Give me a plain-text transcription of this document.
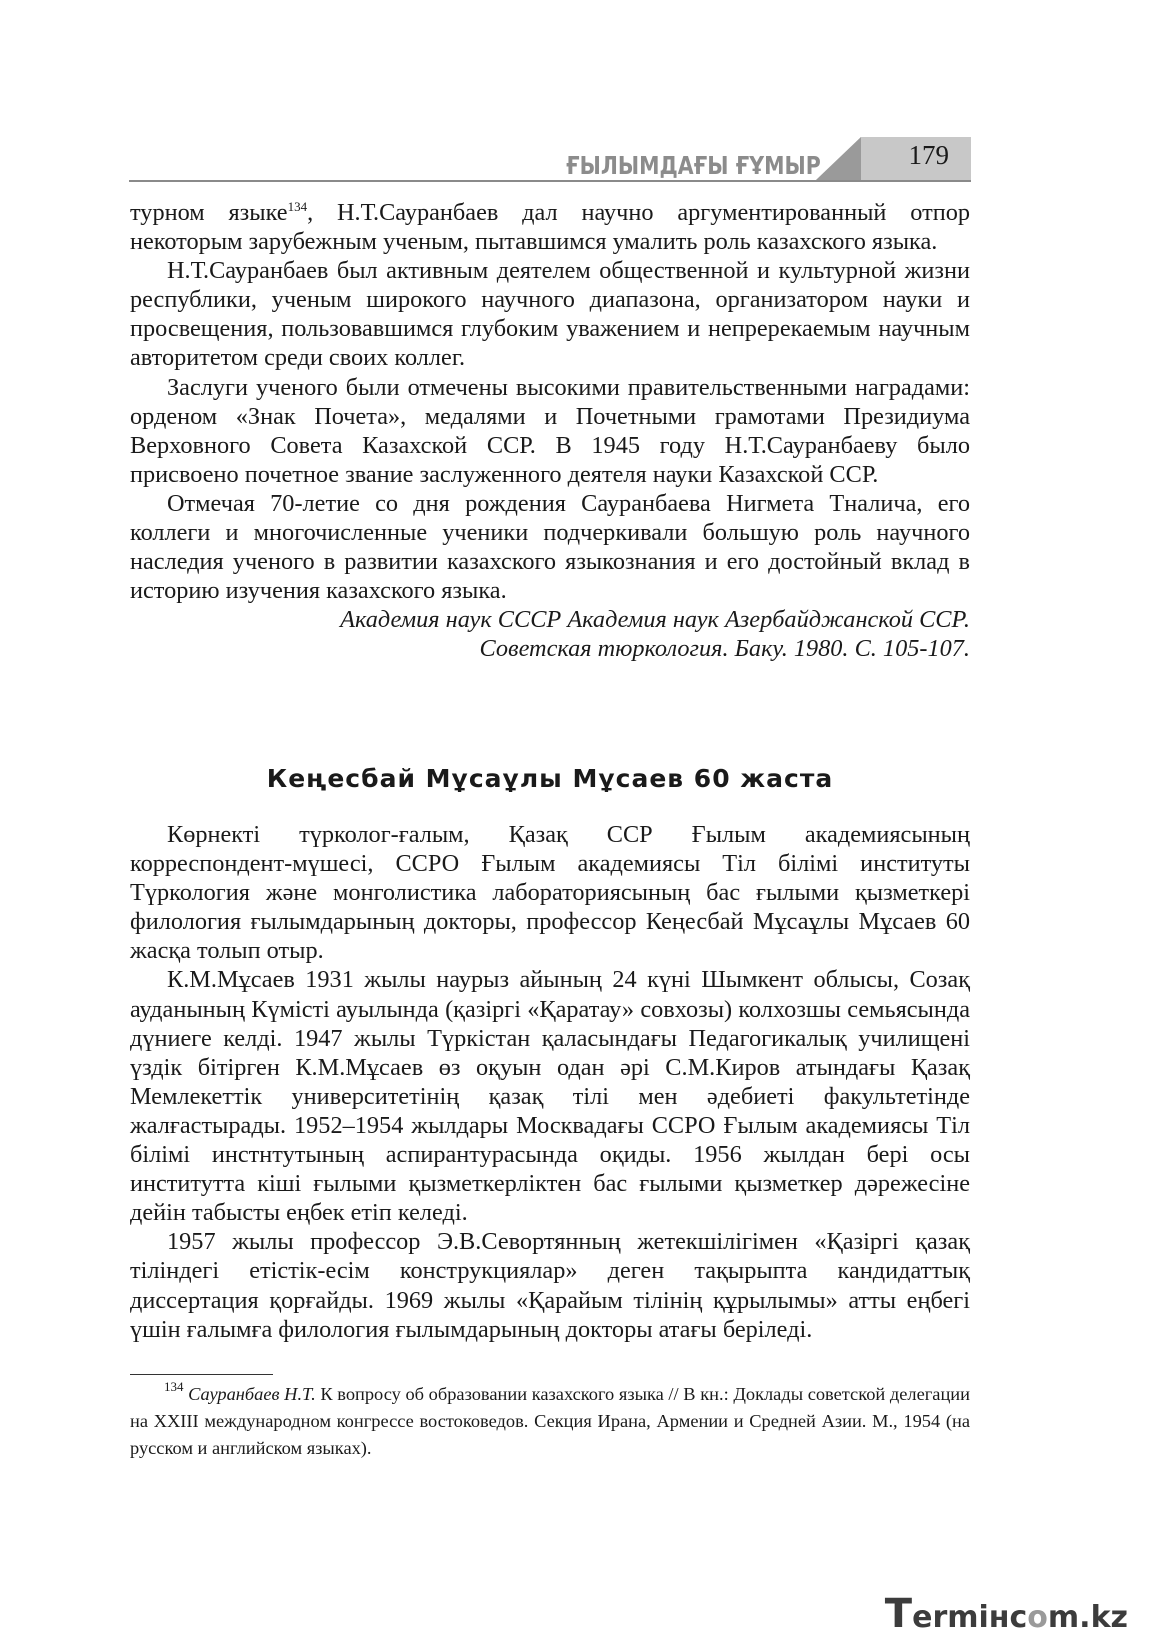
ҒЫЛЫМДАҒЫ ҒҰМЫР	179

турном языке$^{134}$, Н.Т.Сауранбаев дал научно аргументированный отпор некоторым зарубежным ученым, пытавшимся умалить роль казахского языка.

Н.Т.Сауранбаев был активным деятелем общественной и культурной жизни республики, ученым широкого научного диапазона, организатором науки и просвещения, пользовавшимся глубоким уважением и непререкаемым научным авторитетом среди своих коллег.

Заслуги ученого были отмечены высокими правительственными наградами: орденом «Знак Почета», медалями и Почетными грамотами Президиума Верховного Совета Казахской ССР. В 1945 году Н.Т.Сауранбаеву было присвоено почетное звание заслуженного деятеля науки Казахской ССР.

Отмечая 70-летие со дня рождения Сауранбаева Нигмета Тналича, его коллеги и многочисленные ученики подчеркивали большую роль научного наследия ученого в развитии казахского языкознания и его достойный вклад в историю изучения казахского языка.

Академия наук СССР Академия наук Азербайджанской ССР.

Советская тюркология. Баку. 1980. С. 105-107.

Кеңесбай Мұсаұлы Мұсаев 60 жаста

Көрнекті түрколог-ғалым, Қазақ ССР Ғылым академиясының корреспондент-мүшесі, ССРО Ғылым академиясы Тіл білімі институты Түркология және монголистика лабораториясының бас ғылыми қызметкері филология ғылымдарының докторы, профессор Кеңесбай Мұсаұлы Мұсаев 60 жасқа толып отыр.

К.М.Мұсаев 1931 жылы наурыз айының 24 күні Шымкент облысы, Созақ ауданының Күмісті ауылында (қазіргі «Қаратау» совхозы) колхозшы семьясында дүниеге келді. 1947 жылы Түркістан қаласындағы Педагогикалық училищені үздік бітірген К.М.Мұсаев өз оқуын одан әрі С.М.Киров атындағы Қазақ Мемлекеттік университетінің қазақ тілі мен әдебиеті факультетінде жалғастырады. 1952–1954 жылдары Москвадағы ССРО Ғылым академиясы Тіл білімі инстнтутының аспирантурасында оқиды. 1956 жылдан бері осы институтта кіші ғылыми қызметкерліктен бас ғылыми қызметкер дәрежесіне дейін табысты еңбек етіп келеді.

1957 жылы профессор Э.В.Севортянның жетекшілігімен «Қазіргі қазақ тіліндегі етістік-есім конструкциялар» деген тақырыпта кандидаттық диссертация қорғайды. 1969 жылы «Қарайым тілінің құрылымы» атты еңбегі үшін ғалымға филология ғылымдарының докторы атағы беріледі.

$^{134}$ Сауранбаев Н.Т. К вопросу об образовании казахского языка // В кн.: Доклады советской делегации на XXIII международном конгрессе востоковедов. Секция Ирана, Армении и Средней Азии. М., 1954 (на русском и английском языках).

Termінcom.kz
